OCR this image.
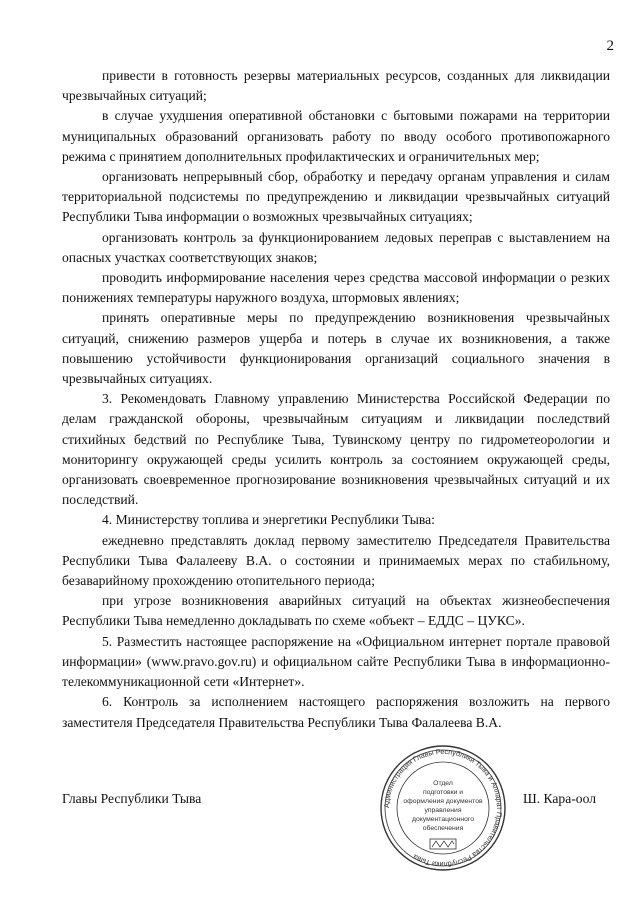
2

привести в готовность резервы материальных ресурсов, созданных для ликвидации чрезвычайных ситуаций;

в случае ухудшения оперативной обстановки с бытовыми пожарами на территории муниципальных образований организовать работу по вводу особого противопожарного режима с принятием дополнительных профилактических и ограничительных мер;

организовать непрерывный сбор, обработку и передачу органам управления и силам территориальной подсистемы по предупреждению и ликвидации чрезвычайных ситуаций Республики Тыва информации о возможных чрезвычайных ситуациях;

организовать контроль за функционированием ледовых переправ с выставлением на опасных участках соответствующих знаков;

проводить информирование населения через средства массовой информации о резких понижениях температуры наружного воздуха, штормовых явлениях;

принять оперативные меры по предупреждению возникновения чрезвычайных ситуаций, снижению размеров ущерба и потерь в случае их возникновения, а также повышению устойчивости функционирования организаций социального значения в чрезвычайных ситуациях.

3. Рекомендовать Главному управлению Министерства Российской Федерации по делам гражданской обороны, чрезвычайным ситуациям и ликвидации последствий стихийных бедствий по Республике Тыва, Тувинскому центру по гидрометеорологии и мониторингу окружающей среды усилить контроль за состоянием окружающей среды, организовать своевременное прогнозирование возникновения чрезвычайных ситуаций и их последствий.

4. Министерству топлива и энергетики Республики Тыва:

ежедневно представлять доклад первому заместителю Председателя Правительства Республики Тыва Фалалееву В.А. о состоянии и принимаемых мерах по стабильному, безаварийному прохождению отопительного периода;

при угрозе возникновения аварийных ситуаций на объектах жизнеобеспечения Республики Тыва немедленно докладывать по схеме «объект – ЕДДС – ЦУКС».

5. Разместить настоящее распоряжение на «Официальном интернет портале правовой информации» (www.pravo.gov.ru) и официальном сайте Республики Тыва в информационно-телекоммуникационной сети «Интернет».

6. Контроль за исполнением настоящего распоряжения возложить на первого заместителя Председателя Правительства Республики Тыва Фалалеева В.А.

Главы Республики Тыва	Ш. Кара-оол
Администрация Главы Республики Тыва и Аппарат Правительства Республики Тыва
Отдел
подготовки и
оформления документов
управления
документационного
обеспечения
